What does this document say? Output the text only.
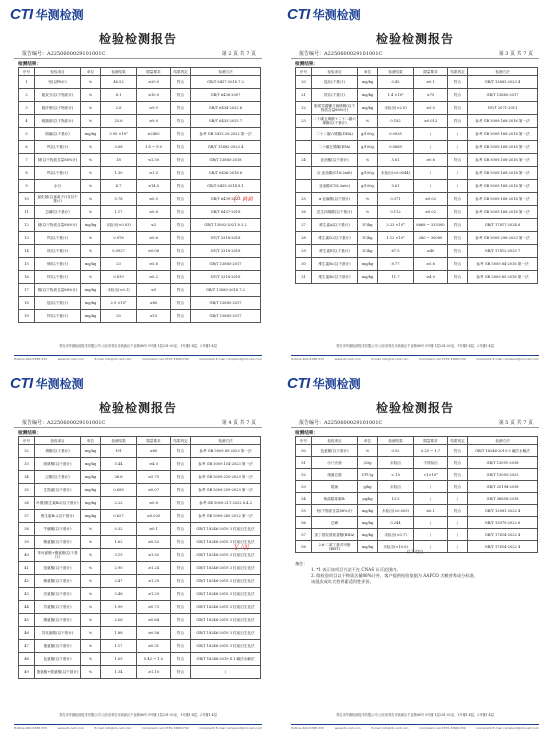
CTI 华测检测
检验检测报告
报告编号：A2250600029101001C	第 2 页 共 7 页
检测结果：
序号	检验项目	单位	检测结果	限量要求	结果判定	检测方法
1	铅(以Pb计)	%	46.52	≥20.0	符合	GB/T 6437-2018 7.2
2	粗灰分(以干物质计)	%	8.1	≤10.0	符合	GB/T 6438-2007
3	粗纤维(以干物质计)	%	2.6	≤9.0	符合	GB/T 6434-2022 6
4	粗脂肪(以干物质计)	%	25.6	≥9.0	符合	GB/T 6433-2025 7
5	胆碱(以干基计)	mg/kg	3.95 ×10³	≥2400	符合	参考 GB 5413.20-2022 第一法
6	钙(以干基计)	%	3.08	1.8 ~ 9.0	符合	GB/T 13882-2023 4
7	钠(以干物质含量88%计)	%	18	≤1.50	符合	GB/T 13885-2018
8	钙(以干基计)	%	1.30	≥1.0	符合	GB/T 6436-2018 8
9	水分	%	4.7	≤14.0	符合	GB/T 6435-2014 8.1
10	氯化钠(以氯离子计)(以干基计)	%	0.78	≥0.5	符合	GB/T 6439-2023
11	总磷(以干基计)	%	1.17	≥0.8	符合	GB/T 6437-2018
12	钠(以干物质含量88%计)	mg/kg	未检出(<0.03)	≤2	符合	GB/T 13082-2021 8.3.2
13	钙(以干基计)	%	0.976	≥0.6	符合	NY/T 3318-2018
14	铁(以干基计)	%	0.0927	≥0.08	符合	NY/T 3318-2018
15	铜(以干基计)	mg/kg	23	≥5.6	符合	GB/T 13885-2017
16	锌(以干基计)	%	0.819	≥0.2	符合	NY/T 3318-2018
17	镉(以干物质含量88%计)	mg/kg	未检出(<0.1)	≤5	符合	GB/T 13080-2018 7.2
18	锰(以干基计)	mg/kg	2.9 ×10²	≥80	符合	GB/T 13885-2017
19	锌(以干基计)	mg/kg	20	≥15	符合	GB/T 13885-2017
(^ ฅฅ
青岛市华测检测技术有限公司 山东省青岛市高新区千业路88号 5号楼 1层201-02室，1号楼1-4层，2号楼1-4层
Hotline 400-6788-333	www.cti-cert.com	E-mail info@cti-cert.com	Complaint call 0755-33681700	Complaint E-mail complaint@cti-cert.com
CTI 华测检测
检验检测报告
报告编号：A2250600029101001C	第 3 页 共 7 页
检测结果：
序号	检验项目	单位	检测结果	限量要求	结果判定	检测方法
20	锰(以干基计)	mg/kg	0.42	≥0.1	符合	GB/T 13883-2023 4
21	铁(以干基计)	mg/kg	1.4 ×10²	≥75	符合	GB/T 13885-2017
22	脱氧雪腐镰刀菌烯醇(以干物质含量88%计)	mg/kg	未检出(<2.0)	≤5.0	符合	NY/T 2071-2011
23	二十碳五烯酸+二十二碳六烯酸(以干基计)	%	0.182	≥0.012	符合	参考 GB 5009.168-2016 第一法
	二十二碳六烯酸(DHA)	g/100g	0.0935	/	/	参考 GB 5009.168-2016 第一法
	二十碳五烯酸(EPA)	g/100g	0.0889	/	/	参考 GB 5009.168-2016 第一法
24	亚油酸(以干基计)	%	5.61	≥0.6	符合	参考 GB 5009.168-2016 第一法
	反-亚油酸(C18:2n6t)	g/100g	未检出(<0.0044)	/	/	参考 GB 5009.168-2016 第一法
	亚油酸(C18:2n6c)	g/100g	5.61	/	/	参考 GB 5009.168-2016 第一法
25	α-亚麻酸(以干基计)	%	0.371	≥0.02	符合	参考 GB 5009.168-2016 第一法
26	花生四烯酸(以干基计)	%	0.112	≥0.02	符合	参考 GB 5009.168-2016 第一法
27	维生素A(以干基计)	IU/kg	3.23 ×10⁴	6668 ~ 333300	符合	GB/T 17817-2024 6
28	维生素D₃(以干基计)	IU/kg	1.12 ×10³	280 ~ 30080	符合	参考 GB 5009.296-2023 第一法
29	维生素E(以干基计)	IU/kg	67.5	≥40	符合	GB/T 17812-2025 7
30	维生素B₁(以干基计)	mg/kg	8.77	≥5.6	符合	参考 GB 5009.84-2016 第一法
31	维生素B₂(以干基计)	mg/kg	11.7	≥4.0	符合	参考 GB 5009.85-2016 第一法
青岛市华测检测技术有限公司 山东省青岛市高新区千业路88号 5号楼 1层201-02室，1号楼1-4层，2号楼1-4层
Hotline 400-6788-333	www.cti-cert.com	E-mail info@cti-cert.com	Complaint call 0755-33681700	Complaint E-mail complaint@cti-cert.com
CTI 华测检测
检验检测报告
报告编号：A2250600029101001C	第 4 页 共 7 页
检测结果：
序号	检验项目	单位	检测结果	限量要求	结果判定	检测方法
32	烟酸(以干基计)	mg/kg	191	≥60	符合	参考 GB 5009.89-2023 第一法
33	吡哆醇(以干基计)	mg/kg	5.44	≥4.0	符合	参考 GB 5009.154-2023 第一法
34	泛酸(以干基计)	mg/kg	36.6	≥5.75	符合	参考 GB 5009.210-2023 第一法
35	生物素(以干基计)	mg/kg	0.658	≥0.07	符合	参考 GB 5009.259-2023 第一法
36	叶酸(维生素B₉)(以干基计)	mg/kg	2.22	≥0.8	符合	参考 GB 5009.211-2022 6.4.2
37	维生素B₁₂(以干基计)	mg/kg	0.627	≥0.020	符合	参考 GB 5009.285-2022 第一法
38	牛磺酸(以干基计)	%	0.32	≥0.1	符合	GB/T 18246-2019 3 柱前衍生化法
39	精氨酸(以干基计)	%	1.62	≥0.52	符合	GB/T 18246-2019 3 柱前衍生化法
40	苯丙氨酸+酪氨酸(以干基计)	%	3.15	≥1.92	符合	GB/T 18246-2019 3 柱前衍生化法
41	组氨酸(以干基计)	%	2.90	≥1.24	符合	GB/T 18246-2019 3 柱前衍生化法
42	赖氨酸(以干基计)	%	3.47	≥1.29	符合	GB/T 18246-2019 3 柱前衍生化法
43	亮氨酸(以干基计)	%	3.46	≥1.29	符合	GB/T 18246-2019 3 柱前衍生化法
44	苏氨酸(以干基计)	%	1.99	≥0.73	符合	GB/T 18246-2019 3 柱前衍生化法
45	缬氨酸(以干基计)	%	2.06	≥0.64	符合	GB/T 18246-2019 3 柱前衍生化法
46	异亮氨酸(以干基计)	%	1.88	≥0.56	符合	GB/T 18246-2019 3 柱前衍生化法
47	蛋氨酸(以干基计)	%	1.17	≥0.31	符合	GB/T 18246-2019 3 柱前衍生化法
48	色氨酸(以干基计)	%	1.05	0.42 ~ 1.5	符合	GB/T 18246-2019 4.1 碱法水解法
49	蛋氨酸+胱氨酸(以干基计)	%	1.34	≥1.10	符合	/
Y ^N
青岛市华测检测技术有限公司 山东省青岛市高新区千业路88号 5号楼 1层201-02室，1号楼1-4层，2号楼1-4层
Hotline 400-6788-333	www.cti-cert.com	E-mail info@cti-cert.com	Complaint call 0755-33681700	Complaint E-mail complaint@cti-cert.com
CTI 华测检测
检验检测报告
报告编号：A2250600029101001C	第 5 页 共 7 页
检测结果：
序号	检验项目	单位	检测结果	限量要求	结果判定	检测方法
50	色氨酸(以干基计)	%	0.52	0.25 ~ 1.7	符合	GB/T 18246-2019 5 碱法水解法
51	沙门氏菌	/25g	未检出	不得检出	符合	GB/T 13091-2018
52	细菌总数	CFU/g	< 10	<1×10⁶	符合	GB/T 13093-2023
53	霉菌	g/kg	未检出	/	符合	GB/T 20194-2018
54	黄曲霉毒素B₁	μg/kg	13.5	/	/	GB/T 36858-2018
55	铅(干物质含量88%计)	mg/kg	未检出(<0.003)	≤0.1	符合	GB/T 13081-2022 4
56	总砷	mg/kg	0.244	/	/	GB/T 13079-2022 6
57	加丁基羟基茴香醚(BHA)	mg/kg	未检出(<0.7)	/	/	GB/T 17614-2022 4
58	2,6-二叔丁基对甲酚(BHT)	mg/kg	未检出(<10.0)	/	/	GB/T 17614-2022 4
以下空白
备注：
1. *1 表示该项目方法不在 CNAS 认可范围内。
2. 除检验项目以干物质含量88%计外，客户提供检验依据为 AAFCO 犬粮营养成分标准，
该批次成年犬营养素适用性评价。
青岛市华测检测技术有限公司 山东省青岛市高新区千业路88号 5号楼 1层201-02室，1号楼1-4层，2号楼1-4层
Hotline 400-6788-333	www.cti-cert.com	E-mail info@cti-cert.com	Complaint call 0755-33681700	Complaint E-mail complaint@cti-cert.com
